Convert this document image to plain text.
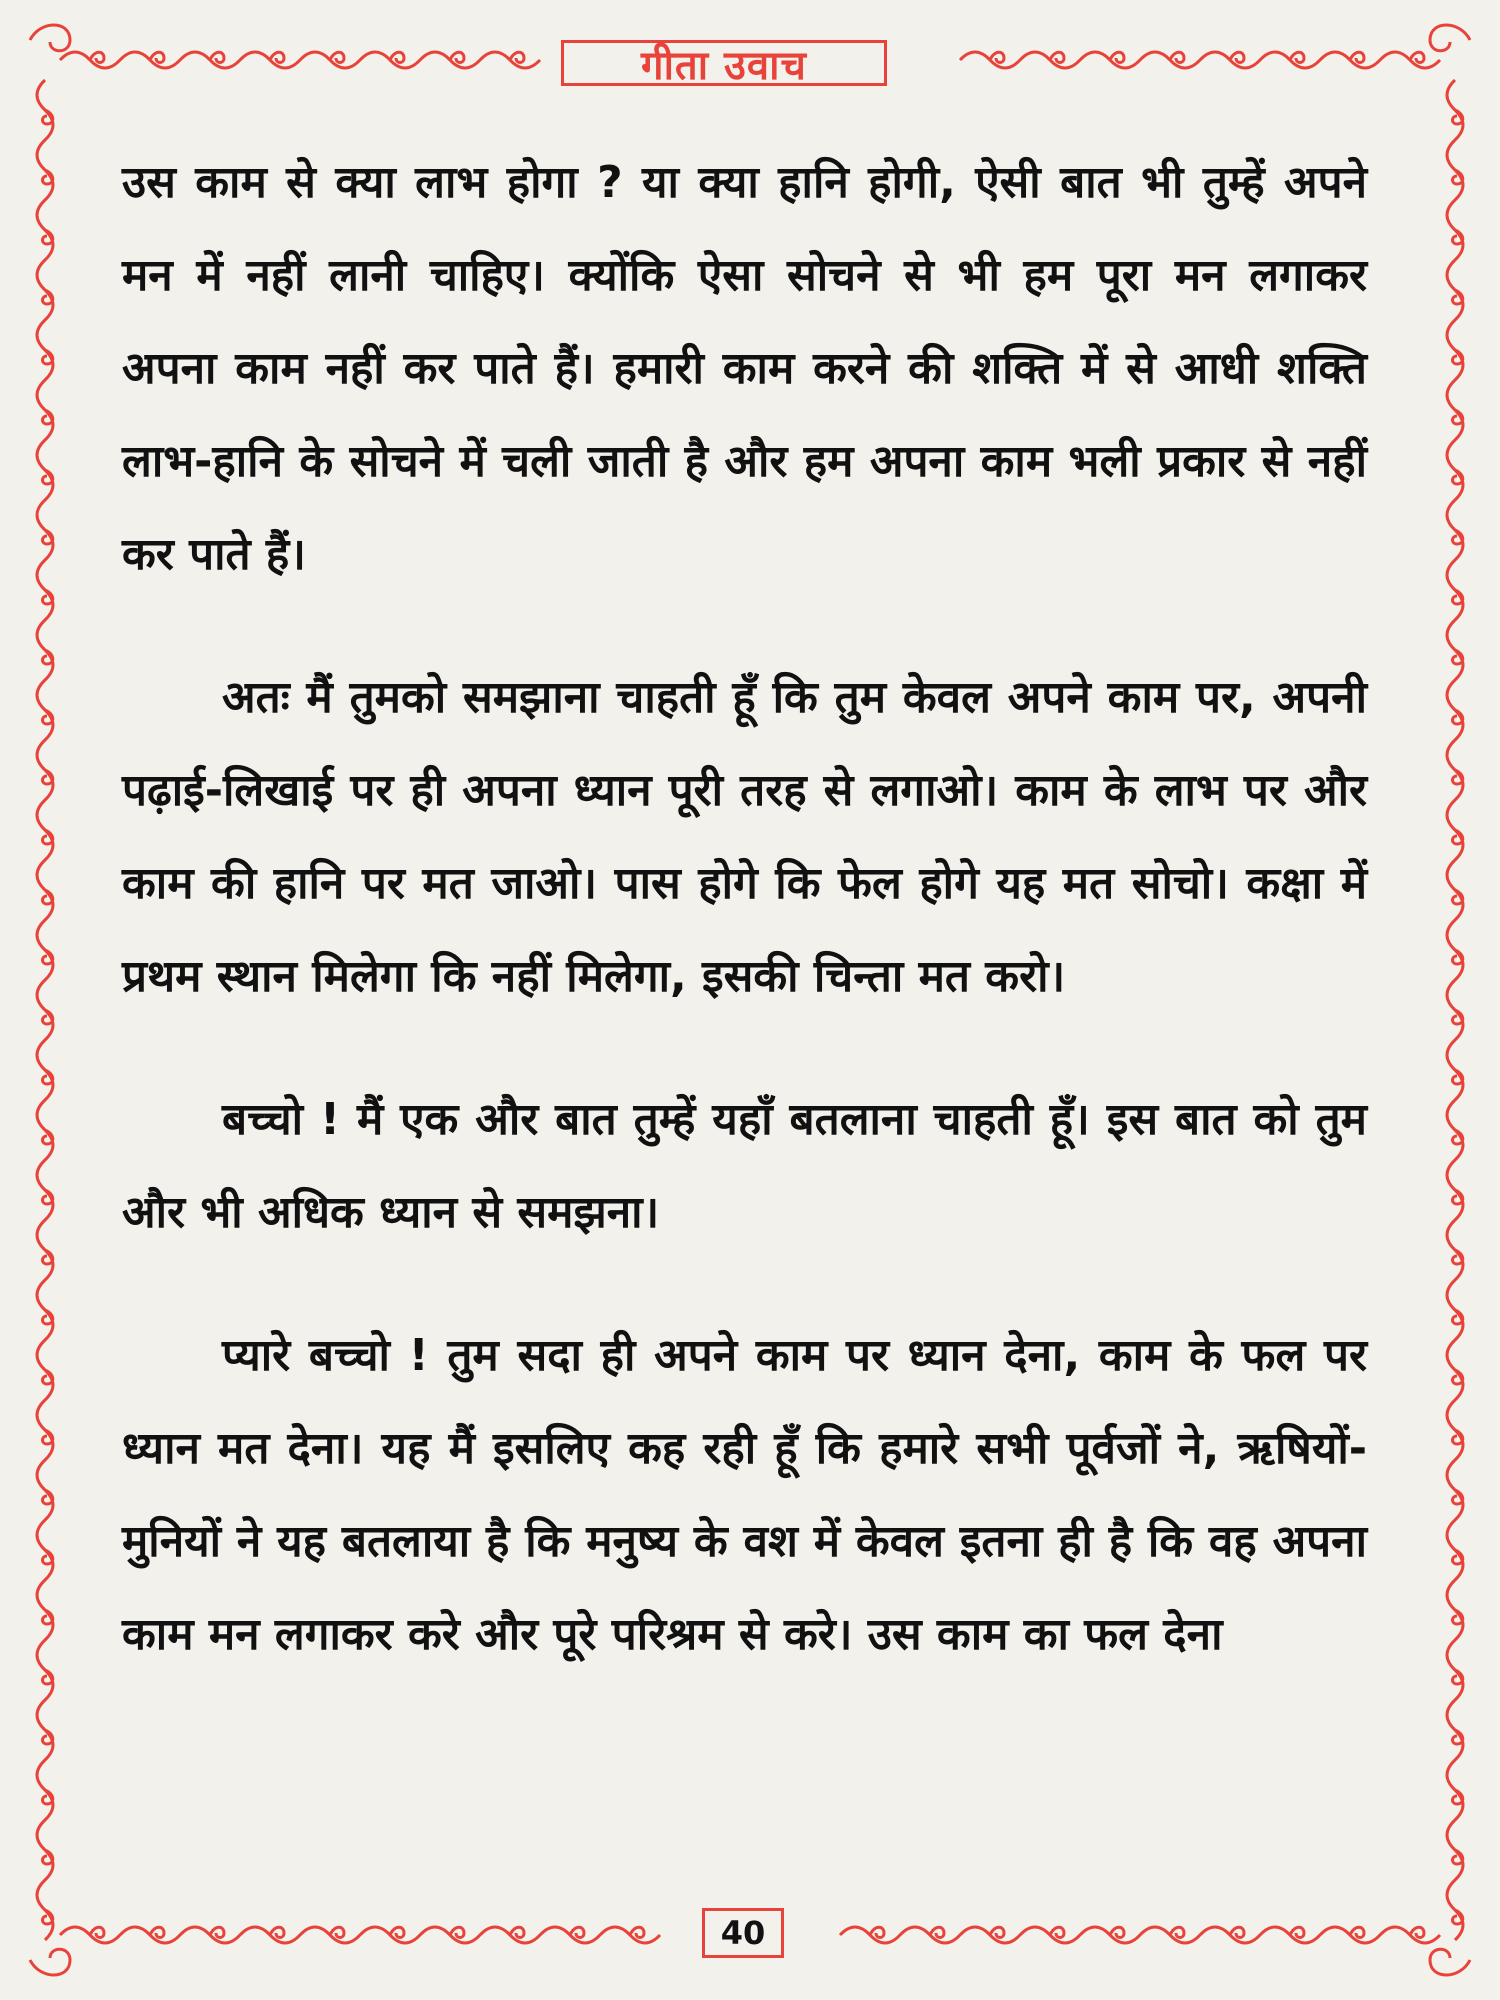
गीता उवाच

उस काम से क्या लाभ होगा ? या क्या हानि होगी, ऐसी बात भी तुम्हें अपने मन में नहीं लानी चाहिए। क्योंकि ऐसा सोचने से भी हम पूरा मन लगाकर अपना काम नहीं कर पाते हैं। हमारी काम करने की शक्ति में से आधी शक्ति लाभ-हानि के सोचने में चली जाती है और हम अपना काम भली प्रकार से नहीं कर पाते हैं।

अतः मैं तुमको समझाना चाहती हूँ कि तुम केवल अपने काम पर, अपनी पढ़ाई-लिखाई पर ही अपना ध्यान पूरी तरह से लगाओ। काम के लाभ पर और काम की हानि पर मत जाओ। पास होगे कि फेल होगे यह मत सोचो। कक्षा में प्रथम स्थान मिलेगा कि नहीं मिलेगा, इसकी चिन्ता मत करो।

बच्चो ! मैं एक और बात तुम्हें यहाँ बतलाना चाहती हूँ। इस बात को तुम और भी अधिक ध्यान से समझना।

प्यारे बच्चो ! तुम सदा ही अपने काम पर ध्यान देना, काम के फल पर ध्यान मत देना। यह मैं इसलिए कह रही हूँ कि हमारे सभी पूर्वजों ने, ऋषियों-मुनियों ने यह बतलाया है कि मनुष्य के वश में केवल इतना ही है कि वह अपना काम मन लगाकर करे और पूरे परिश्रम से करे। उस काम का फल देना

40
